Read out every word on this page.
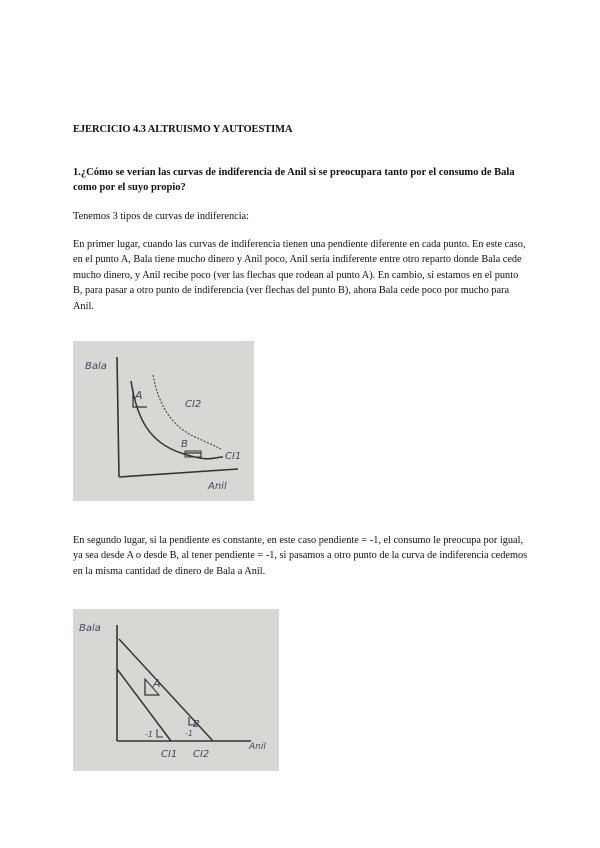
EJERCICIO 4.3 ALTRUISMO Y AUTOESTIMA
1.¿Cómo se verían las curvas de indiferencia de Anil si se preocupara tanto por el consumo de Bala como por el suyo propio?
Tenemos 3 tipos de curvas de indiferencia:
En primer lugar, cuando las curvas de indiferencia tienen una pendiente diferente en cada punto. En este caso, en el punto A, Bala tiene mucho dinero y Anil poco, Anil sería indiferente entre otro reparto donde Bala cede mucho dinero, y Anil recibe poco (ver las flechas que rodean al punto A). En cambio, si estamos en el punto B, para pasar a otro punto de indiferencia (ver flechas del punto B), ahora Bala cede poco por mucho para Anil.
Bala
Anil
A
B
CI2
CI1
En segundo lugar, si la pendiente es constante, en este caso pendiente = -1, el consumo le preocupa por igual, ya sea desde A o desde B, al tener pendiente = -1, si pasamos a otro punto de la curva de indiferencia cedemos en la misma cantidad de dinero de Bala a Anil.
Bala
Anil
A
B
-1	-1
CI1 CI2
